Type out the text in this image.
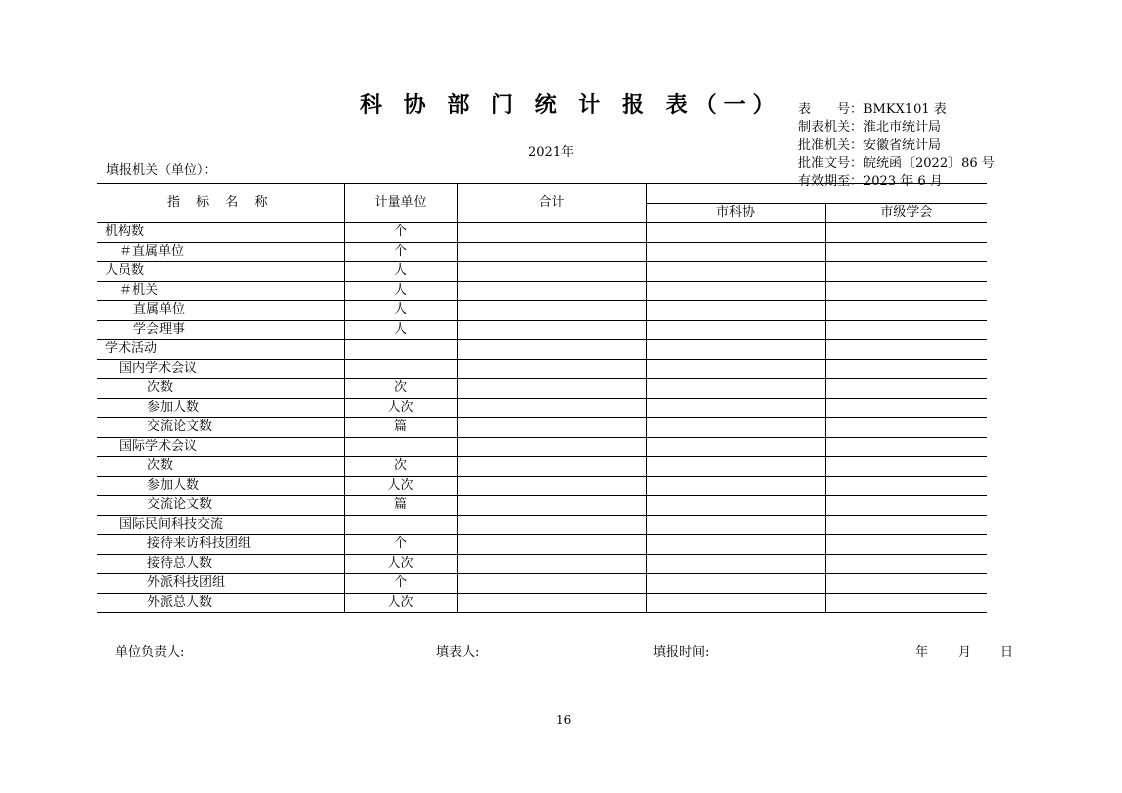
科 协 部 门 统 计 报 表（一） 表　　号：BMKX101 表
制表机关：淮北市统计局
批准机关：安徽省统计局
批准文号：皖统函〔2022〕86 号
有效期至：2023 年 6 月
2021年
填报机关（单位）：
指 标 名 称	计量单位	合计		
			市科协	市级学会
机构数	个			
＃直属单位	个			
人员数	人			
＃机关	人			
直属单位	人			
学会理事	人			
学术活动				
国内学术会议				
次数	次			
参加人数	人次			
交流论文数	篇			
国际学术会议				
次数	次			
参加人数	人次			
交流论文数	篇			
国际民间科技交流				
接待来访科技团组	个			
接待总人数	人次			
外派科技团组	个			
外派总人数	人次			
单位负责人:	填表人:	填报时间:	年 月 日
16
